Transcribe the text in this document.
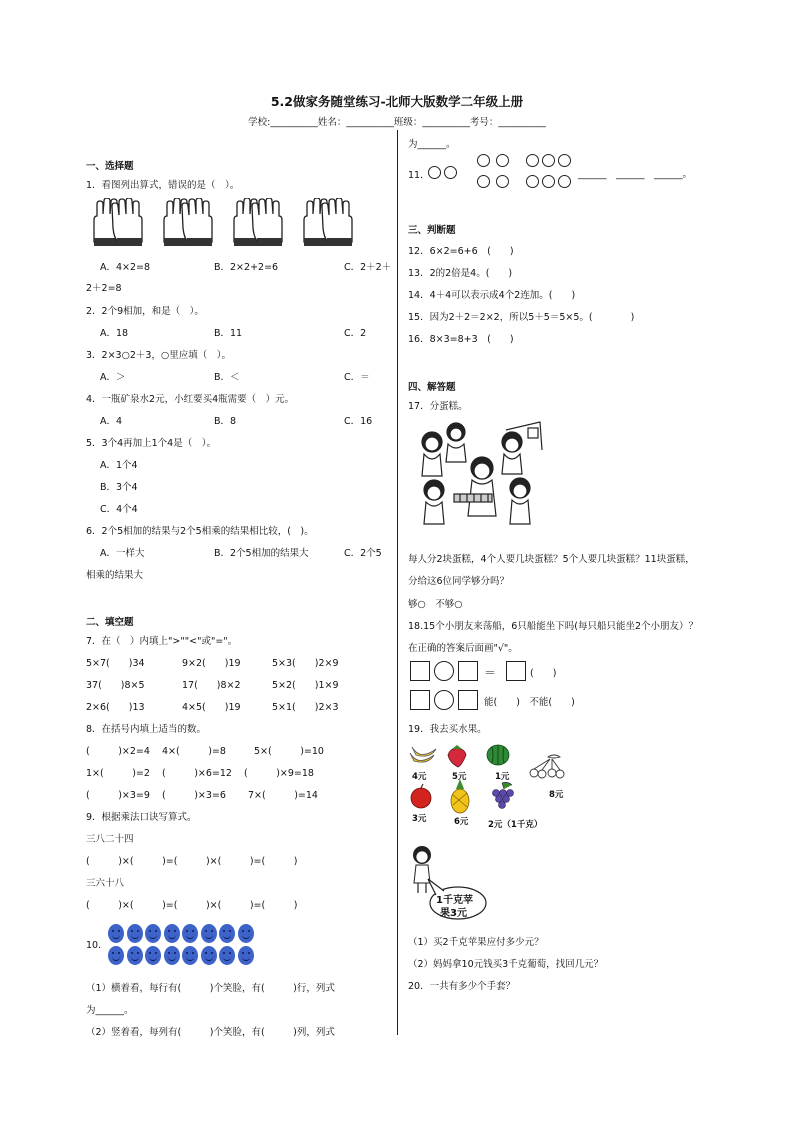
5.2做家务随堂练习-北师大版数学二年级上册
学校:__________姓名：__________班级：__________考号：__________
一、选择题
1．看图列出算式，错误的是（　）。
A．4×2=8	B．2×2+2=6	C．2＋2＋
2＋2=8
2．2个9相加，和是（　）。
A．18	B．11	C．2
3．2×3○2＋3，○里应填（　）。
A．＞	B．＜	C．＝
4．一瓶矿泉水2元，小红要买4瓶需要（　）元。
A．4	B．8	C．16
5．3个4再加上1个4是（　）。
A．1个4
B．3个4
C．4个4
6．2个5相加的结果与2个5相乘的结果相比较，(　)。
A．一样大	B．2个5相加的结果大	C．2个5
相乘的结果大
二、填空题
7．在（　）内填上">""<"或"="。
5×7(　　)34	9×2(　　)19	5×3(　　)2×9
37(　　)8×5	17(　　)8×2	5×2(　　)1×9
2×6(　　)13	4×5(　　)19	5×1(　　)2×3
8．在括号内填上适当的数。
(　　　)×2=4 4×(　　　)=8	5×(　　　)=10
1×(　　　)=2 (　　　)×6=12 (　　　)×9=18
(　　　)×3=9 (　　　)×3=6 7×(　　　)=14
9．根据乘法口诀写算式。
三八二十四
(　　　)×(　　　)=(　　　)×(　　　)=(　　　)
三六十八
(　　　)×(　　　)=(　　　)×(　　　)=(　　　)
10．
（1）横着看，每行有(　　　)个笑脸，有(　　　)行，列式
为______。
（2）竖着看，每列有(　　　)个笑脸，有(　　　)列，列式
为______。
11．

	______　______　______。
三、判断题
12．6×2=6+6　(　　)
13．2的2倍是4。(　　)
14．4＋4可以表示成4个2连加。(　　)
15．因为2＋2＝2×2，所以5＋5＝5×5。(　　　　)
16．8×3=8+3　(　　)
四、解答题
17．分蛋糕。
每人分2块蛋糕，4个人要几块蛋糕？5个人要几块蛋糕？11块蛋糕，
分给这6位同学够分吗？
够○　不够○
18.15个小朋友来荡船，6只船能坐下吗(每只船只能坐2个小朋友）？
在正确的答案后面画"√"。
＝	(　　)
能(　　)　不能(　　)
19．我去买水果。
4元	5元	1元
8元
3元	6元 2元（1千克）
1千克苹
果3元
（1）买2千克苹果应付多少元？
（2）妈妈拿10元钱买3千克葡萄，找回几元？
20．一共有多少个手套？
